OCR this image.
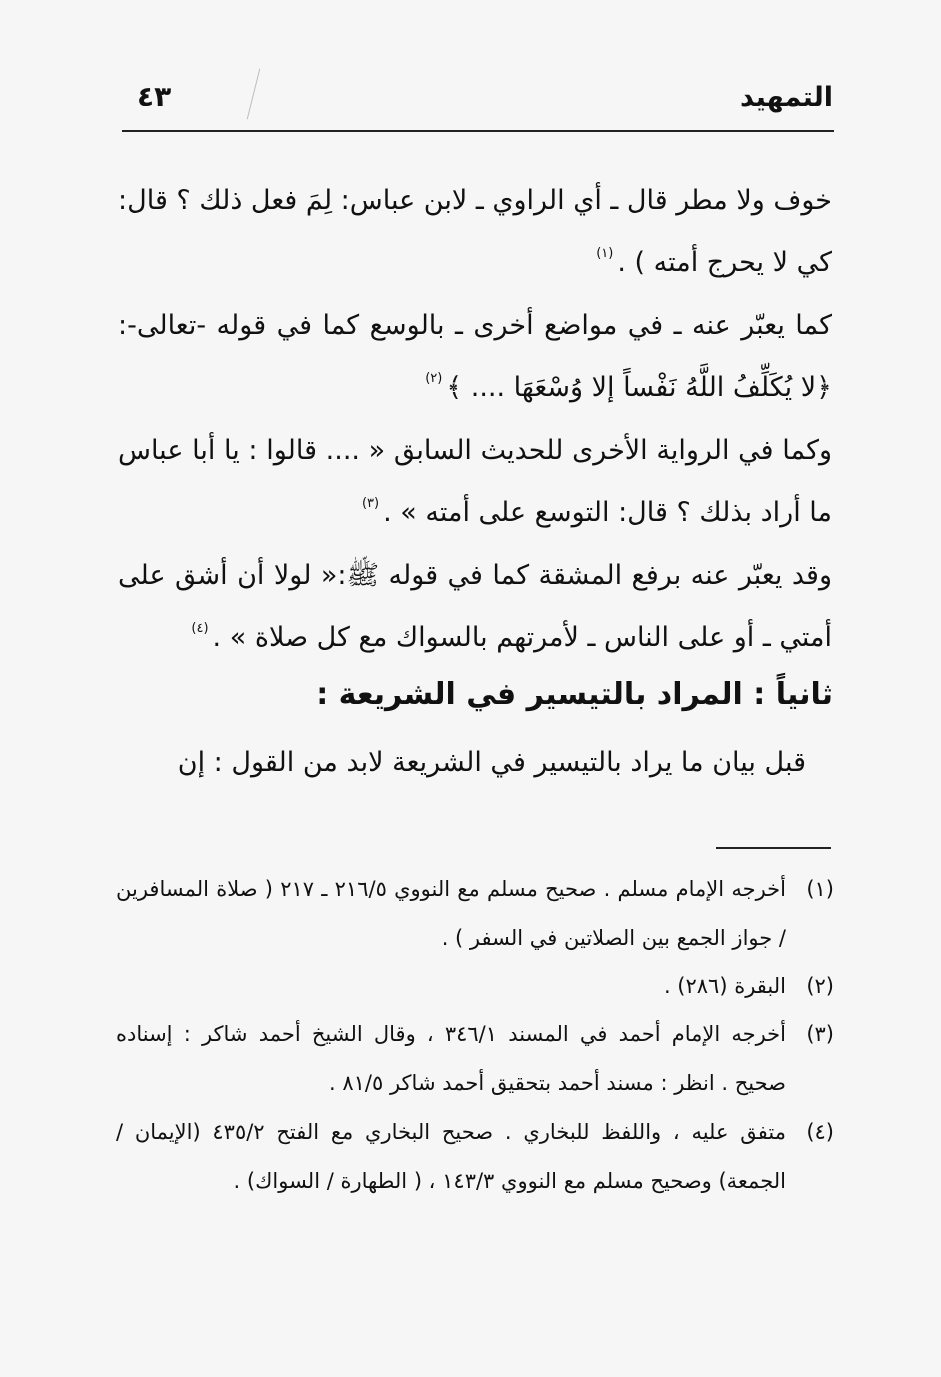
التمهيد
٤٣

خوف ولا مطر قال ـ أي الراوي ـ لابن عباس: لِمَ فعل ذلك ؟ قال: كي لا يحرج أمته ) .$^{(١)}$

كما يعبّر عنه ـ في مواضع أخرى ـ بالوسع كما في قوله -تعالى-: ﴿لا يُكَلِّفُ اللَّهُ نَفْساً إلا وُسْعَهَا .... ﴾$^{(٢)}$

وكما في الرواية الأخرى للحديث السابق « .... قالوا : يا أبا عباس ما أراد بذلك ؟ قال: التوسع على أمته » .$^{(٣)}$

وقد يعبّر عنه برفع المشقة كما في قوله ﷺ:« لولا أن أشق على أمتي ـ أو على الناس ـ لأمرتهم بالسواك مع كل صلاة » .$^{(٤)}$

ثانياً : المراد بالتيسير في الشريعة :

قبل بيان ما يراد بالتيسير في الشريعة لابد من القول : إن

(١)
أخرجه الإمام مسلم . صحيح مسلم مع النووي ٢١٦/٥ ـ ٢١٧ ( صلاة المسافرين / جواز الجمع بين الصلاتين في السفر ) .
(٢)
البقرة (٢٨٦) .
(٣)
أخرجه الإمام أحمد في المسند ٣٤٦/١ ، وقال الشيخ أحمد شاكر : إسناده صحيح . انظر : مسند أحمد بتحقيق أحمد شاكر ٨١/٥ .
(٤)
متفق عليه ، واللفظ للبخاري . صحيح البخاري مع الفتح ٤٣٥/٢ (الإيمان / الجمعة) وصحيح مسلم مع النووي ١٤٣/٣ ، ( الطهارة / السواك) .
